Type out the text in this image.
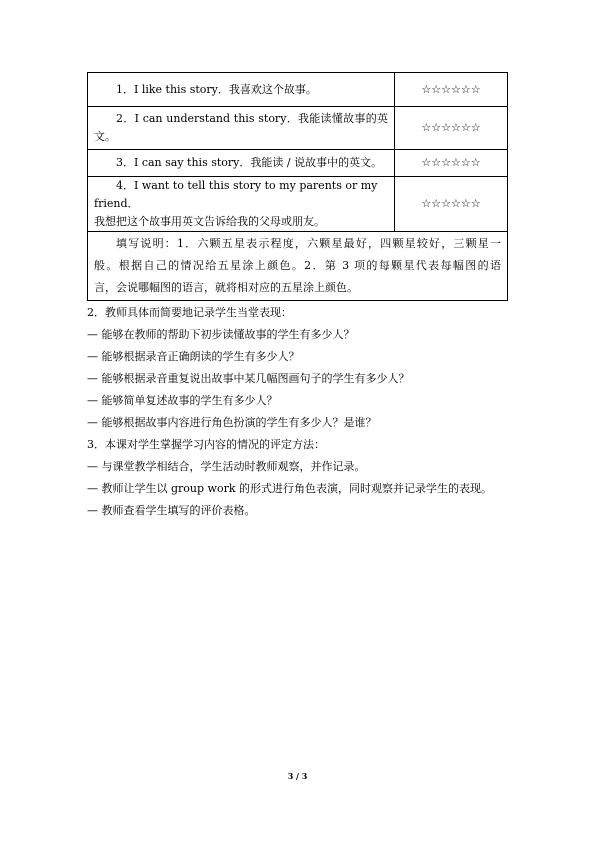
1．I like this story．我喜欢这个故事。	☆☆☆☆☆☆

2．I can understand this story．我能读懂故事的英
文。	☆☆☆☆☆☆
3．I can say this story．我能读 / 说故事中的英文。	☆☆☆☆☆☆

4．I want to tell this story to my parents or my friend．
我想把这个故事用英文告诉给我的父母或朋友。	☆☆☆☆☆☆

填写说明：1．六颗五星表示程度，六颗星最好，四颗星较好，三颗星一
般。根据自己的情况给五星涂上颜色。2．第 3 项的每颗星代表每幅图的语
言，会说哪幅图的语言，就将相对应的五星涂上颜色。	
2．教师具体而简要地记录学生当堂表现：
— 能够在教师的帮助下初步读懂故事的学生有多少人？
— 能够根据录音正确朗读的学生有多少人？
— 能够根据录音重复说出故事中某几幅图画句子的学生有多少人？
— 能够简单复述故事的学生有多少人？
— 能够根据故事内容进行角色扮演的学生有多少人？是谁？
3．本课对学生掌握学习内容的情况的评定方法：
— 与课堂教学相结合，学生活动时教师观察，并作记录。
— 教师让学生以 group work 的形式进行角色表演，同时观察并记录学生的表现。
— 教师查看学生填写的评价表格。
3 / 3
